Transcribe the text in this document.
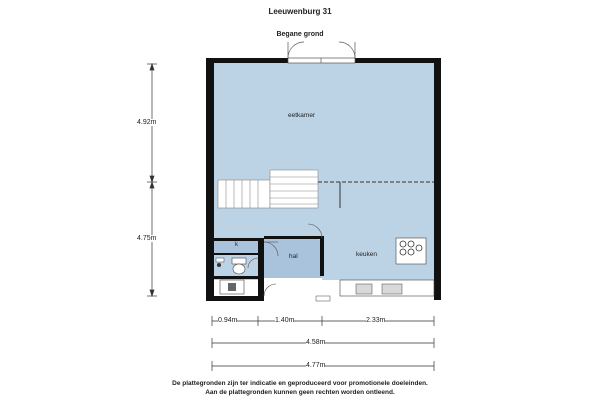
Leeuwenburg 31
Begane grond
eetkamer
keuken
hal
k
4.92m
4.75m
0.94m	1.40m	2.33m
4.58m
4.77m
De plattegronden zijn ter indicatie en geproduceerd voor promotionele doeleinden.
Aan de plattegronden kunnen geen rechten worden ontleend.
